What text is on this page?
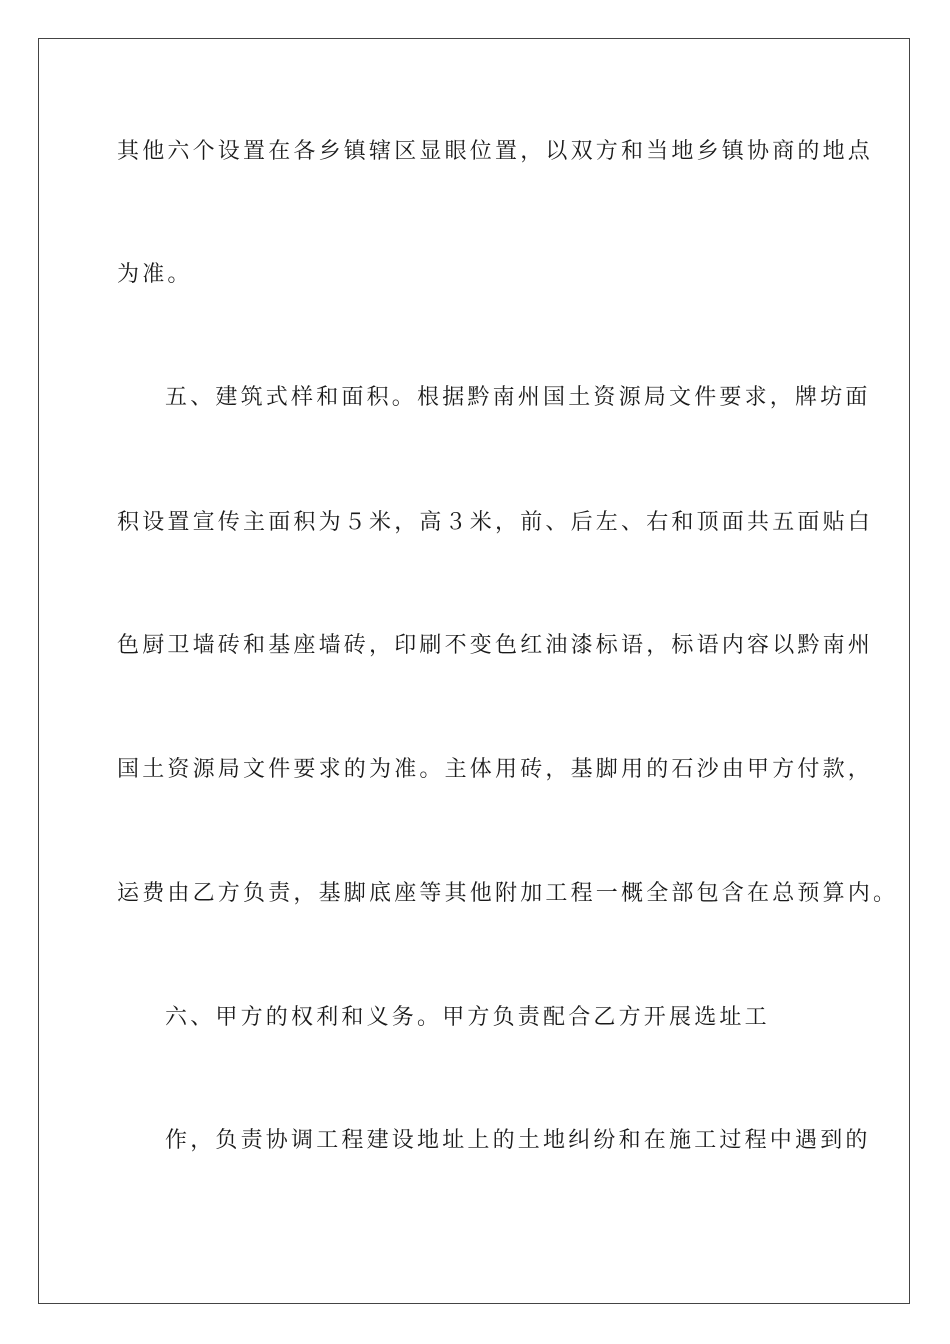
其他六个设置在各乡镇辖区显眼位置，以双方和当地乡镇协商的地点
为准。
五、建筑式样和面积。根据黔南州国土资源局文件要求，牌坊面
积设置宣传主面积为５米，高３米，前、后左、右和顶面共五面贴白
色厨卫墙砖和基座墙砖，印刷不变色红油漆标语，标语内容以黔南州
国土资源局文件要求的为准。主体用砖，基脚用的石沙由甲方付款，
运费由乙方负责，基脚底座等其他附加工程一概全部包含在总预算内。
六、甲方的权利和义务。甲方负责配合乙方开展选址工
作，负责协调工程建设地址上的土地纠纷和在施工过程中遇到的
